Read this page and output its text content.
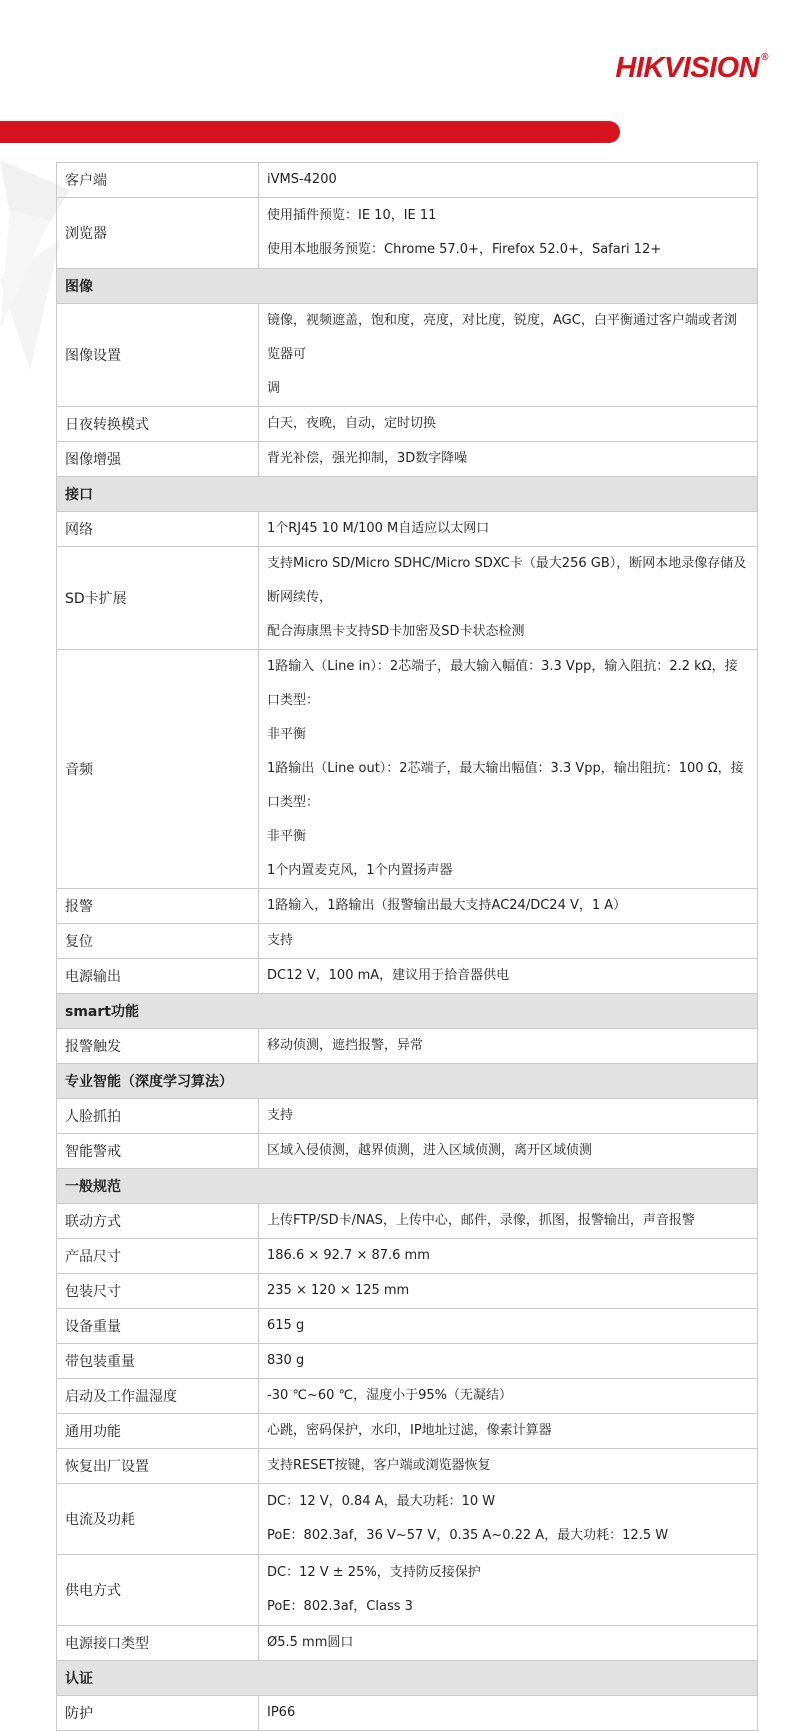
HIKVISION ®
客户端	iVMS-4200

浏览器	使用插件预览：IE 10，IE 11
使用本地服务预览：Chrome 57.0+，Firefox 52.0+，Safari 12+

图像	
图像设置	镜像，视频遮盖，饱和度，亮度，对比度，锐度，AGC，白平衡通过客户端或者浏览器可
调

日夜转换模式	白天，夜晚，自动，定时切换

图像增强	背光补偿，强光抑制，3D数字降噪

接口	
网络	1个RJ45 10 M/100 M自适应以太网口

SD卡扩展	支持Micro SD/Micro SDHC/Micro SDXC卡（最大256 GB），断网本地录像存储及断网续传，
配合海康黑卡支持SD卡加密及SD卡状态检测

音频	1路输入（Line in）：2芯端子，最大输入幅值：3.3 Vpp，输入阻抗：2.2 kΩ，接口类型：
非平衡
1路输出（Line out）：2芯端子，最大输出幅值：3.3 Vpp，输出阻抗：100 Ω，接口类型：
非平衡
1个内置麦克风，1个内置扬声器

报警	1路输入，1路输出（报警输出最大支持AC24/DC24 V，1 A）

复位	支持

电源输出	DC12 V，100 mA，建议用于拾音器供电

smart功能	
报警触发	移动侦测，遮挡报警，异常

专业智能（深度学习算法）	
人脸抓拍	支持

智能警戒	区域入侵侦测，越界侦测，进入区域侦测，离开区域侦测

一般规范	
联动方式	上传FTP/SD卡/NAS，上传中心，邮件，录像，抓图，报警输出，声音报警

产品尺寸	186.6 × 92.7 × 87.6 mm

包装尺寸	235 × 120 × 125 mm

设备重量	615 g

带包装重量	830 g

启动及工作温湿度	-30 ℃~60 ℃，湿度小于95%（无凝结）

通用功能	心跳，密码保护，水印，IP地址过滤，像素计算器

恢复出厂设置	支持RESET按键，客户端或浏览器恢复

电流及功耗	DC：12 V，0.84 A，最大功耗：10 W
PoE：802.3af，36 V~57 V，0.35 A~0.22 A，最大功耗：12.5 W

供电方式	DC：12 V ± 25%，支持防反接保护
PoE：802.3af，Class 3

电源接口类型	Ø5.5 mm圆口

认证	
防护	IP66
